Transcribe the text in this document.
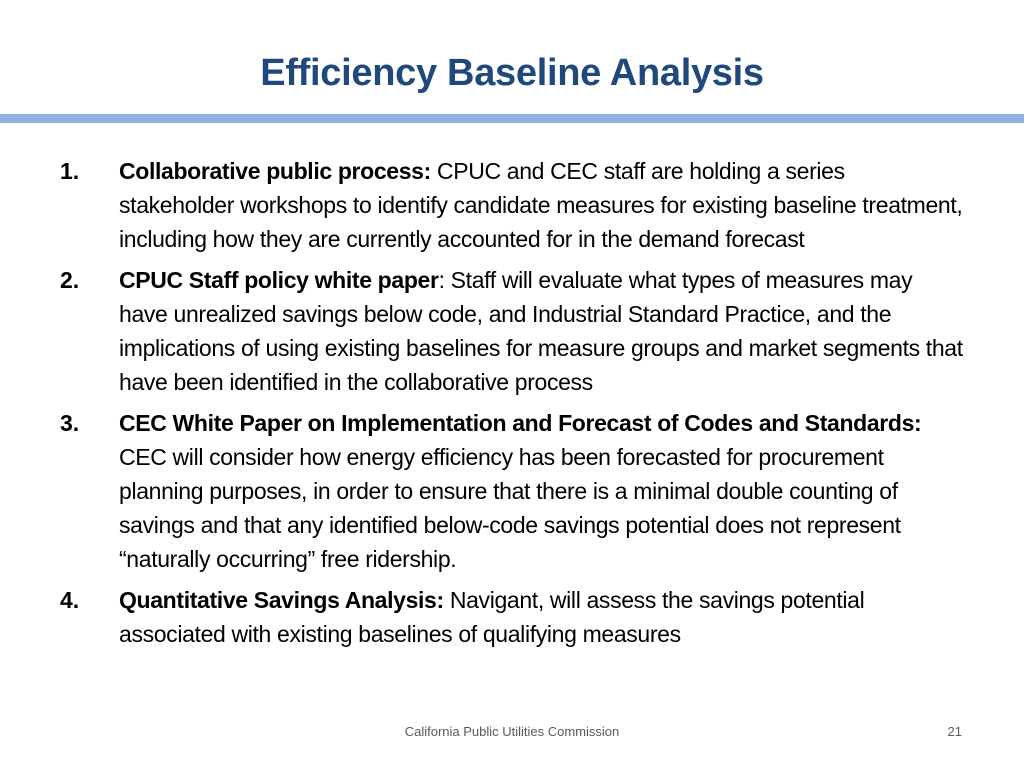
Efficiency Baseline Analysis
1.	Collaborative public process: CPUC and CEC staff are holding a series stakeholder workshops to identify candidate measures for existing baseline treatment, including how they are currently accounted for in the demand forecast
2.	CPUC Staff policy white paper: Staff will evaluate what types of measures may have unrealized savings below code, and Industrial Standard Practice, and the implications of using existing baselines for measure groups and market segments that have been identified in the collaborative process
3.	CEC White Paper on Implementation and Forecast of Codes and Standards: CEC will consider how energy efficiency has been forecasted for procurement planning purposes, in order to ensure that there is a minimal double counting of savings and that any identified below-code savings potential does not represent “naturally occurring” free ridership.
4.	Quantitative Savings Analysis: Navigant, will assess the savings potential associated with existing baselines of qualifying measures
California Public Utilities Commission	21
